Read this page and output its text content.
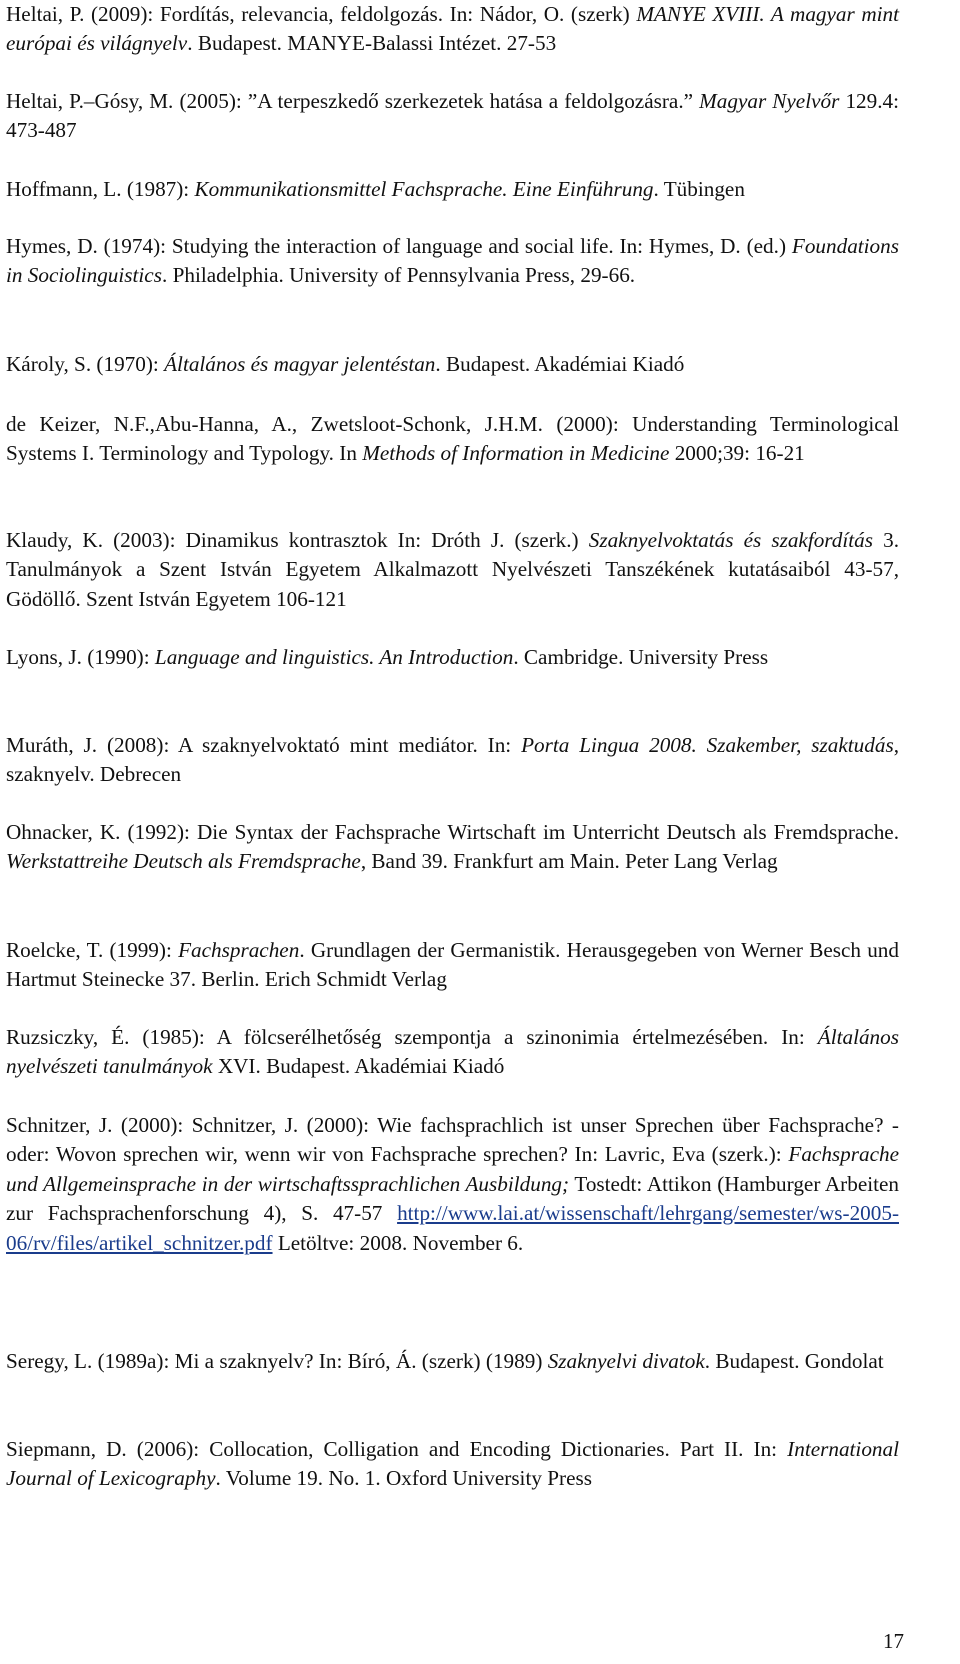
Heltai, P. (2009): Fordítás, relevancia, feldolgozás. In: Nádor, O. (szerk) MANYE XVIII. A magyar mint európai és világnyelv. Budapest. MANYE-Balassi Intézet. 27-53
Heltai, P.–Gósy, M. (2005): ”A terpeszkedő szerkezetek hatása a feldolgozásra.” Magyar Nyelvőr 129.4: 473-487
Hoffmann, L. (1987): Kommunikationsmittel Fachsprache. Eine Einführung. Tübingen
Hymes, D. (1974): Studying the interaction of language and social life. In: Hymes, D. (ed.) Foundations in Sociolinguistics. Philadelphia. University of Pennsylvania Press, 29-66.
Károly, S. (1970): Általános és magyar jelentéstan. Budapest. Akadémiai Kiadó
de Keizer, N.F.,Abu-Hanna, A., Zwetsloot-Schonk, J.H.M. (2000): Understanding Terminological Systems I. Terminology and Typology. In Methods of Information in Medicine 2000;39: 16-21
Klaudy, K. (2003): Dinamikus kontrasztok In: Dróth J. (szerk.) Szaknyelvoktatás és szakfordítás 3. Tanulmányok a Szent István Egyetem Alkalmazott Nyelvészeti Tanszékének kutatásaiból 43-57, Gödöllő. Szent István Egyetem 106-121
Lyons, J. (1990): Language and linguistics. An Introduction. Cambridge. University Press
Muráth, J. (2008): A szaknyelvoktató mint mediátor. In: Porta Lingua 2008. Szakember, szaktudás, szaknyelv. Debrecen
Ohnacker, K. (1992): Die Syntax der Fachsprache Wirtschaft im Unterricht Deutsch als Fremdsprache. Werkstattreihe Deutsch als Fremdsprache, Band 39. Frankfurt am Main. Peter Lang Verlag
Roelcke, T. (1999): Fachsprachen. Grundlagen der Germanistik. Herausgegeben von Werner Besch und Hartmut Steinecke 37. Berlin. Erich Schmidt Verlag
Ruzsiczky, É. (1985): A fölcserélhetőség szempontja a szinonimia értelmezésében. In: Általános nyelvészeti tanulmányok XVI. Budapest. Akadémiai Kiadó
Schnitzer, J. (2000): Schnitzer, J. (2000): Wie fachsprachlich ist unser Sprechen über Fachsprache? - oder: Wovon sprechen wir, wenn wir von Fachsprache sprechen? In: Lavric, Eva (szerk.): Fachsprache und Allgemeinsprache in der wirtschaftssprachlichen Ausbildung; Tostedt: Attikon (Hamburger Arbeiten zur Fachsprachenforschung 4), S. 47-57 http://www.lai.at/wissenschaft/lehrgang/semester/ws-2005-06/rv/files/artikel_schnitzer.pdf Letöltve: 2008. November 6.
Seregy, L. (1989a): Mi a szaknyelv? In: Bíró, Á. (szerk) (1989) Szaknyelvi divatok. Budapest. Gondolat
Siepmann, D. (2006): Collocation, Colligation and Encoding Dictionaries. Part II. In: International Journal of Lexicography. Volume 19. No. 1. Oxford University Press
17
